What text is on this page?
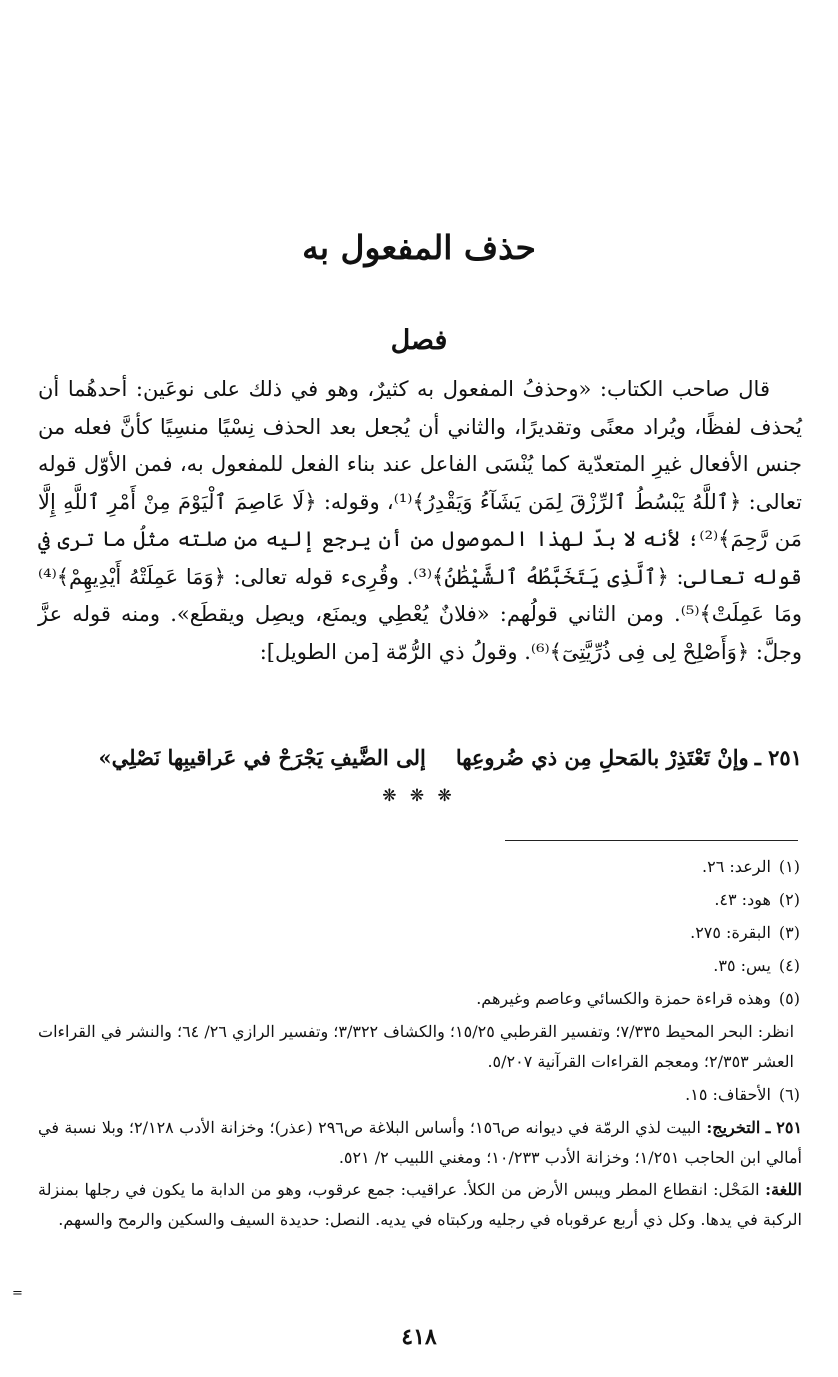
حذف المفعول به
فصل

قال صاحب الكتاب: «وحذفُ المفعول به كثيرٌ، وهو في ذلك على نوعَين: أحدهُما أن يُحذف لفظًا، ويُراد معنًى وتقديرًا، والثاني أن يُجعل بعد الحذف نِسْيًا منسِيًا كأنَّ فعله من جنس الأفعال غيرِ المتعدّية كما يُنْسَى الفاعل عند بناء الفعل للمفعول به، فمن الأوّل قوله تعالى: ﴿ٱللَّهُ يَبْسُطُ ٱلرِّزْقَ لِمَن يَشَآءُ وَيَقْدِرُ﴾⁽¹⁾، وقوله: ﴿لَا عَاصِمَ ٱلْيَوْمَ مِنْ أَمْرِ ٱللَّهِ إِلَّا مَن رَّحِمَ﴾⁽²⁾؛ لأنه لا بدّ لهذا الموصول من أن يرجع إليه من صلته مثلُ ما ترى في قوله تعالى: ﴿ٱلَّذِى يَتَخَبَّطُهُ ٱلشَّيْطَٰنُ﴾⁽³⁾. وقُرِىء قوله تعالى: ﴿وَمَا عَمِلَتْهُ أَيْدِيهِمْ﴾⁽⁴⁾ ومَا عَمِلَتْ﴾⁽⁵⁾. ومن الثاني قولُهم: «فلانٌ يُعْطِي ويمنَع، ويصِل ويقطَع». ومنه قوله عزَّ وجلَّ: ﴿وَأَصْلِحْ لِى فِى ذُرِّيَّتِىٓ﴾⁽⁶⁾. وقولُ ذي الرُّمّة [من الطويل]:

٢٥١ ـوإنْ تَعْتَذِرْ بالمَحلِ مِن ذي ضُروعِهاإلى الضَّيفِ يَجْرَحْ في عَراقيبِها نَصْلِي»
❋ ❋ ❋

(١)الرعد: ٢٦.

(٢)هود: ٤٣.

(٣)البقرة: ٢٧٥.

(٤)يس: ٣٥.

(٥)وهذه قراءة حمزة والكسائي وعاصم وغيرهم.

انظر: البحر المحيط ٧/٣٣٥؛ وتفسير القرطبي ١٥/٢٥؛ والكشاف ٣/٣٢٢؛ وتفسير الرازي ٢٦/ ٦٤؛ والنشر في القراءات العشر ٢/٣٥٣؛ ومعجم القراءات القرآنية ٥/٢٠٧.

(٦)الأحقاف: ١٥.

٢٥١ ـ التخريج: البيت لذي الرمّة في ديوانه ص١٥٦؛ وأساس البلاغة ص٢٩٦ (عذر)؛ وخزانة الأدب ٢/١٢٨؛ وبلا نسبة في أمالي ابن الحاجب ١/٢٥١؛ وخزانة الأدب ١٠/٢٣٣؛ ومغني اللبيب ٢/ ٥٢١.

اللغة: المَحْل: انقطاع المطر ويبس الأرض من الكلأ. عراقيب: جمع عرقوب، وهو من الدابة ما يكون في رجلها بمنزلة الركبة في يدها. وكل ذي أربع عرقوباه في رجليه وركبتاه في يديه. النصل: حديدة السيف والسكين والرمح والسهم.

٤١٨
=
